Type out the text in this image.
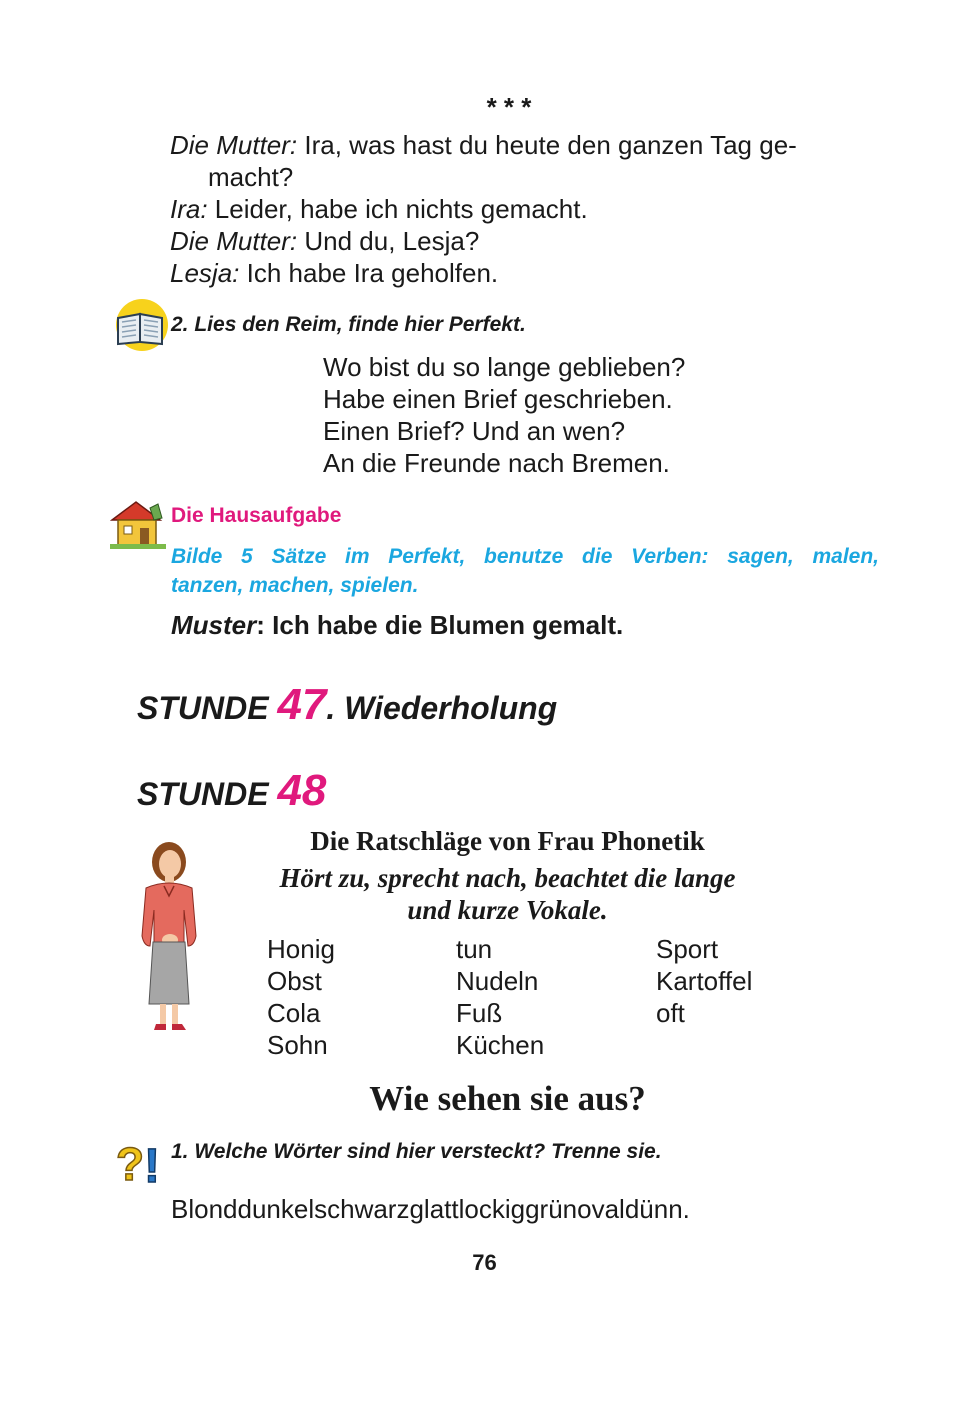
* * *
Die Mutter: Ira, was hast du heute den ganzen Tag ge-
macht?
Ira: Leider, habe ich nichts gemacht.
Die Mutter: Und du, Lesja?
Lesja: Ich habe Ira geholfen.
2. Lies den Reim, finde hier Perfekt.
Wo bist du so lange geblieben?
Habe einen Brief geschrieben.
Einen Brief? Und an wen?
An die Freunde nach Bremen.
Die Hausaufgabe
Bilde 5 Sätze im Perfekt, benutze die Verben: sagen, malen,
tanzen, machen, spielen.
Muster: Ich habe die Blumen gemalt.
STUNDE 47. Wiederholung
STUNDE 48
Die Ratschläge von Frau Phonetik
Hört zu, sprecht nach, beachtet die lange
und kurze Vokale.
Honig
Obst
Cola
Sohn
tun
Nudeln
Fuß
Küchen
Sport
Kartoffel
oft
Wie sehen sie aus?
? ! 1. Welche Wörter sind hier versteckt? Trenne sie.
Blonddunkelschwarzglattlockiggrünovaldünn.
76
